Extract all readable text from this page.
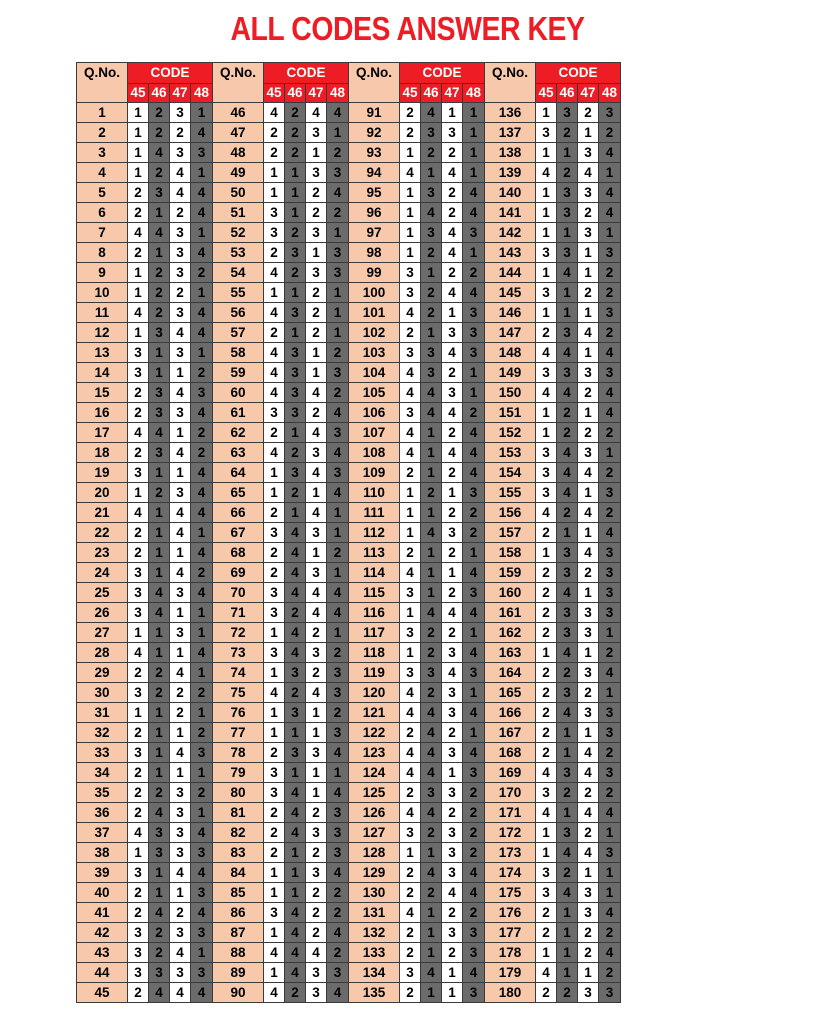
ALL CODES ANSWER KEY
Q.No.	CODE				Q.No.	CODE				Q.No.	CODE				Q.No.	CODE			
	45	46	47	48		45	46	47	48		45	46	47	48		45	46	47	48
1	1	2	3	1	46	4	2	4	4	91	2	4	1	1	136	1	3	2	3
2	1	2	2	4	47	2	2	3	1	92	2	3	3	1	137	3	2	1	2
3	1	4	3	3	48	2	2	1	2	93	1	2	2	1	138	1	1	3	4
4	1	2	4	1	49	1	1	3	3	94	4	1	4	1	139	4	2	4	1
5	2	3	4	4	50	1	1	2	4	95	1	3	2	4	140	1	3	3	4
6	2	1	2	4	51	3	1	2	2	96	1	4	2	4	141	1	3	2	4
7	4	4	3	1	52	3	2	3	1	97	1	3	4	3	142	1	1	3	1
8	2	1	3	4	53	2	3	1	3	98	1	2	4	1	143	3	3	1	3
9	1	2	3	2	54	4	2	3	3	99	3	1	2	2	144	1	4	1	2
10	1	2	2	1	55	1	1	2	1	100	3	2	4	4	145	3	1	2	2
11	4	2	3	4	56	4	3	2	1	101	4	2	1	3	146	1	1	1	3
12	1	3	4	4	57	2	1	2	1	102	2	1	3	3	147	2	3	4	2
13	3	1	3	1	58	4	3	1	2	103	3	3	4	3	148	4	4	1	4
14	3	1	1	2	59	4	3	1	3	104	4	3	2	1	149	3	3	3	3
15	2	3	4	3	60	4	3	4	2	105	4	4	3	1	150	4	4	2	4
16	2	3	3	4	61	3	3	2	4	106	3	4	4	2	151	1	2	1	4
17	4	4	1	2	62	2	1	4	3	107	4	1	2	4	152	1	2	2	2
18	2	3	4	2	63	4	2	3	4	108	4	1	4	4	153	3	4	3	1
19	3	1	1	4	64	1	3	4	3	109	2	1	2	4	154	3	4	4	2
20	1	2	3	4	65	1	2	1	4	110	1	2	1	3	155	3	4	1	3
21	4	1	4	4	66	2	1	4	1	111	1	1	2	2	156	4	2	4	2
22	2	1	4	1	67	3	4	3	1	112	1	4	3	2	157	2	1	1	4
23	2	1	1	4	68	2	4	1	2	113	2	1	2	1	158	1	3	4	3
24	3	1	4	2	69	2	4	3	1	114	4	1	1	4	159	2	3	2	3
25	3	4	3	4	70	3	4	4	4	115	3	1	2	3	160	2	4	1	3
26	3	4	1	1	71	3	2	4	4	116	1	4	4	4	161	2	3	3	3
27	1	1	3	1	72	1	4	2	1	117	3	2	2	1	162	2	3	3	1
28	4	1	1	4	73	3	4	3	2	118	1	2	3	4	163	1	4	1	2
29	2	2	4	1	74	1	3	2	3	119	3	3	4	3	164	2	2	3	4
30	3	2	2	2	75	4	2	4	3	120	4	2	3	1	165	2	3	2	1
31	1	1	2	1	76	1	3	1	2	121	4	4	3	4	166	2	4	3	3
32	2	1	1	2	77	1	1	1	3	122	2	4	2	1	167	2	1	1	3
33	3	1	4	3	78	2	3	3	4	123	4	4	3	4	168	2	1	4	2
34	2	1	1	1	79	3	1	1	1	124	4	4	1	3	169	4	3	4	3
35	2	2	3	2	80	3	4	1	4	125	2	3	3	2	170	3	2	2	2
36	2	4	3	1	81	2	4	2	3	126	4	4	2	2	171	4	1	4	4
37	4	3	3	4	82	2	4	3	3	127	3	2	3	2	172	1	3	2	1
38	1	3	3	3	83	2	1	2	3	128	1	1	3	2	173	1	4	4	3
39	3	1	4	4	84	1	1	3	4	129	2	4	3	4	174	3	2	1	1
40	2	1	1	3	85	1	1	2	2	130	2	2	4	4	175	3	4	3	1
41	2	4	2	4	86	3	4	2	2	131	4	1	2	2	176	2	1	3	4
42	3	2	3	3	87	1	4	2	4	132	2	1	3	3	177	2	1	2	2
43	3	2	4	1	88	4	4	4	2	133	2	1	2	3	178	1	1	2	4
44	3	3	3	3	89	1	4	3	3	134	3	4	1	4	179	4	1	1	2
45	2	4	4	4	90	4	2	3	4	135	2	1	1	3	180	2	2	3	3
